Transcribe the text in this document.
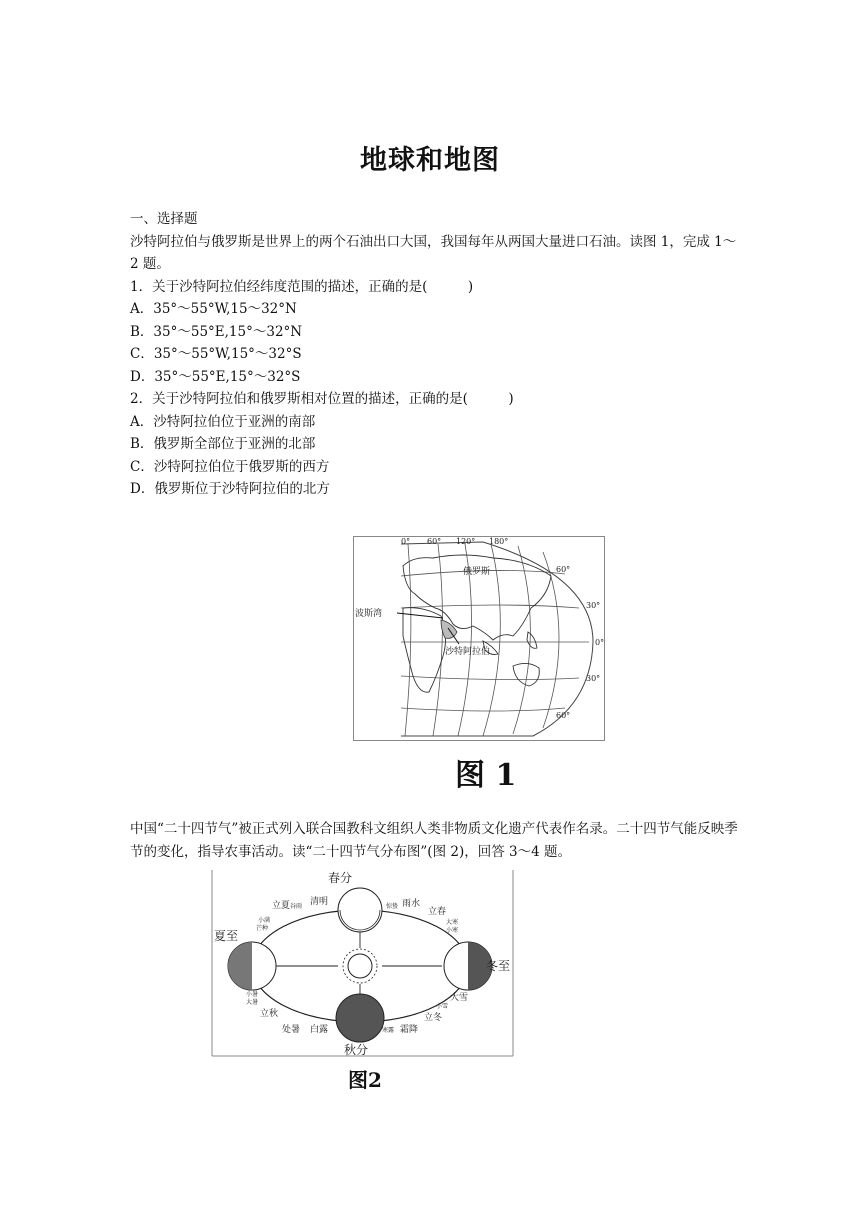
地球和地图

一、选择题

沙特阿拉伯与俄罗斯是世界上的两个石油出口大国，我国每年从两国大量进口石油。读图 1，完成 1～2 题。

1．关于沙特阿拉伯经纬度范围的描述，正确的是(　　　)

A．35°～55°W,15～32°N

B．35°～55°E,15°～32°N

C．35°～55°W,15°～32°S

D．35°～55°E,15°～32°S

2．关于沙特阿拉伯和俄罗斯相对位置的描述，正确的是(　　　)

A．沙特阿拉伯位于亚洲的南部

B．俄罗斯全部位于亚洲的北部

C．沙特阿拉伯位于俄罗斯的西方

D．俄罗斯位于沙特阿拉伯的北方

0° 60° 120° 180°
60°
30°
0°
30°
60°
俄罗斯
波斯湾
沙特阿拉伯
图 1

中国“二十四节气”被正式列入联合国教科文组织人类非物质文化遗产代表作名录。二十四节气能反映季节的变化，指导农事活动。读“二十四节气分布图”(图 2)，回答 3～4 题。

春分
夏至
秋分
冬至
清明
立夏 谷雨
小满
芒种
惊蛰 雨水
立春
大寒
小寒
小暑
大暑
立秋
处暑 白露	寒露 霜降
立冬
小雪
大雪
图2
